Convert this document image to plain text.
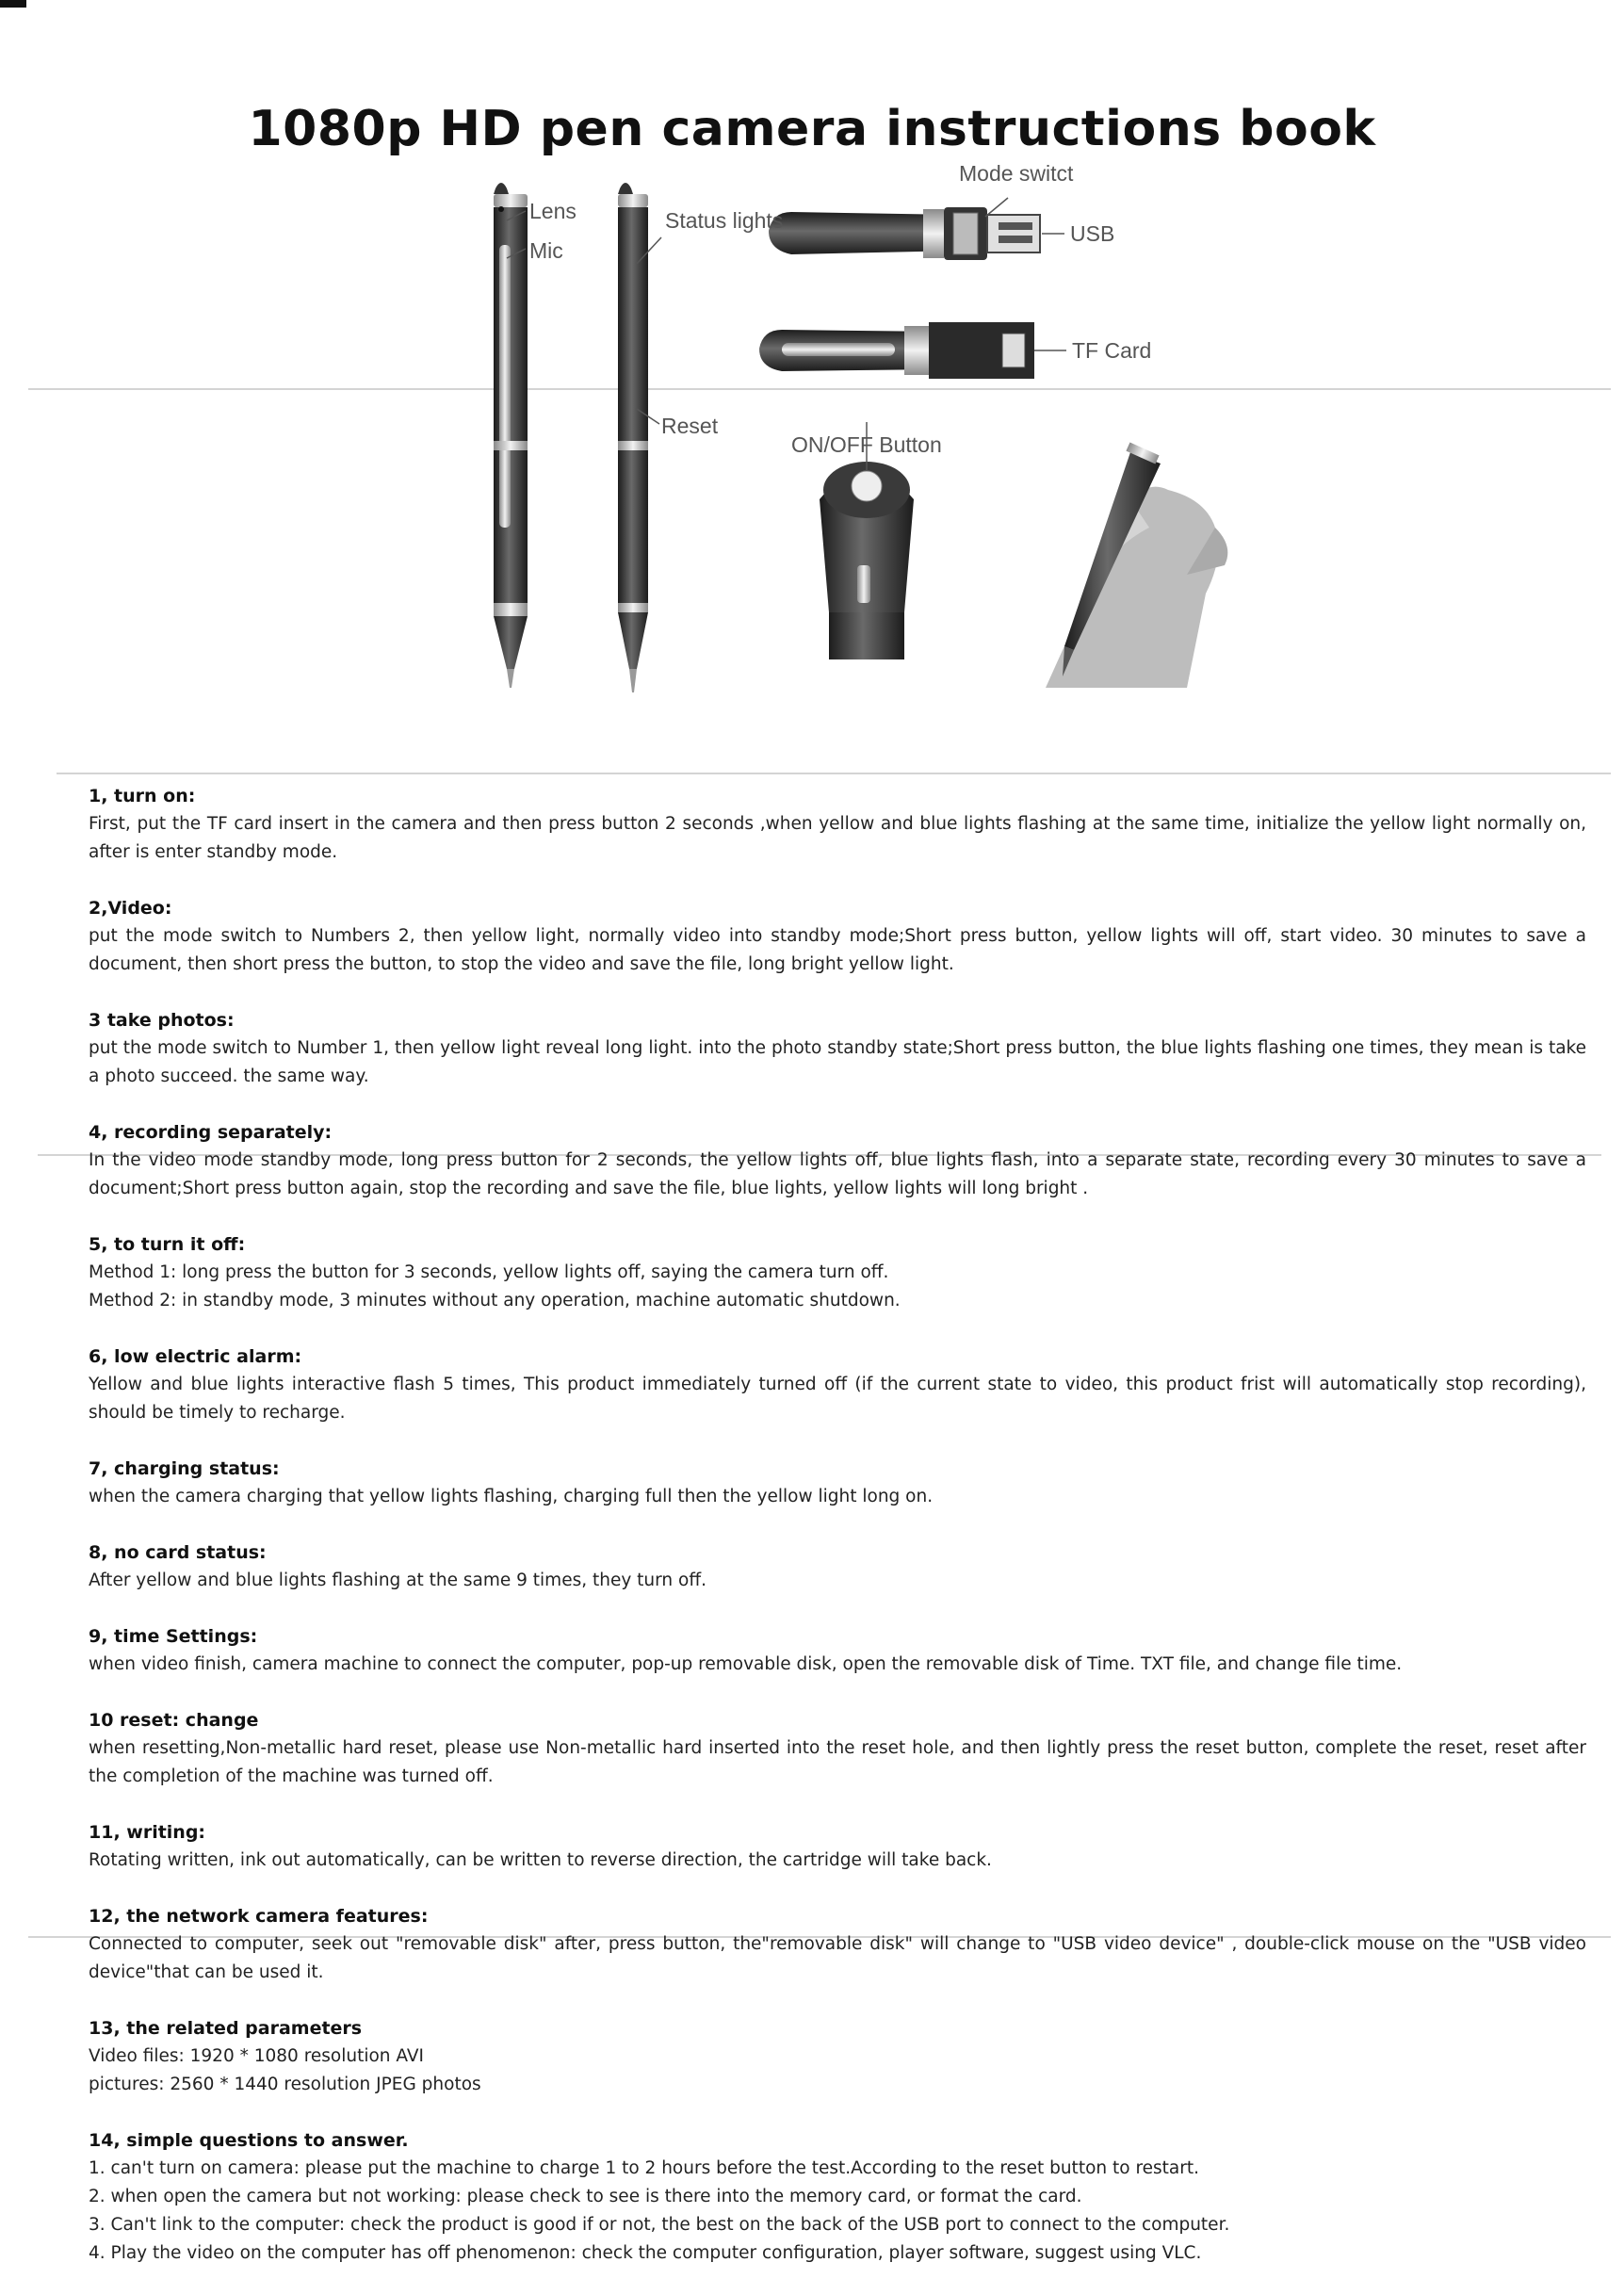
1080p HD pen camera instructions book
Lens
Mic
Status lights
Reset
Mode switct
USB
TF Card
ON/OFF Button
1, turn on:

First, put the TF card insert in the camera and then press button 2 seconds ,when yellow and blue lights flashing at the same time, initialize the yellow light normally on, after is enter standby mode.

2,Video:

put the mode switch to Numbers 2, then yellow light, normally video into standby mode;Short press button, yellow lights will off, start video. 30 minutes to save a document, then short press the button, to stop the video and save the file, long bright yellow light.

3 take photos:

put the mode switch to Number 1, then yellow light reveal long light. into the photo standby state;Short press button, the blue lights flashing one times, they mean is take a photo succeed. the same way.

4, recording separately:

In the video mode standby mode, long press button for 2 seconds, the yellow lights off, blue lights flash, into a separate state, recording every 30 minutes to save a document;Short press button again, stop the recording and save the file, blue lights, yellow lights will long bright .

5, to turn it off:

Method 1: long press the button for 3 seconds, yellow lights off, saying the camera turn off.

Method 2: in standby mode, 3 minutes without any operation, machine automatic shutdown.

6, low electric alarm:

Yellow and blue lights interactive flash 5 times, This product immediately turned off (if the current state to video, this product frist will automatically stop recording), should be timely to recharge.

7, charging status:

when the camera charging that yellow lights flashing, charging full then the yellow light long on.

8, no card status:

After yellow and blue lights flashing at the same 9 times, they turn off.

9, time Settings:

when video finish, camera machine to connect the computer, pop-up removable disk, open the removable disk of Time. TXT file, and change file time.

10 reset: change

when resetting,Non-metallic hard reset, please use Non-metallic hard inserted into the reset hole, and then lightly press the reset button, complete the reset, reset after the completion of the machine was turned off.

11, writing:

Rotating written, ink out automatically, can be written to reverse direction, the cartridge will take back.

12, the network camera features:

Connected to computer, seek out "removable disk" after, press button, the"removable disk" will change to "USB video device" , double-click mouse on the "USB video device"that can be used it.

13, the related parameters

Video files: 1920 * 1080 resolution AVI

pictures: 2560 * 1440 resolution JPEG photos

14, simple questions to answer.
1. can't turn on camera: please put the machine to charge 1 to 2 hours before the test.According to the reset button to restart.
2. when open the camera but not working: please check to see is there into the memory card, or format the card.
3. Can't link to the computer: check the product is good if or not, the best on the back of the USB port to connect to the computer.
4. Play the video on the computer has off phenomenon: check the computer configuration, player software, suggest using VLC.
